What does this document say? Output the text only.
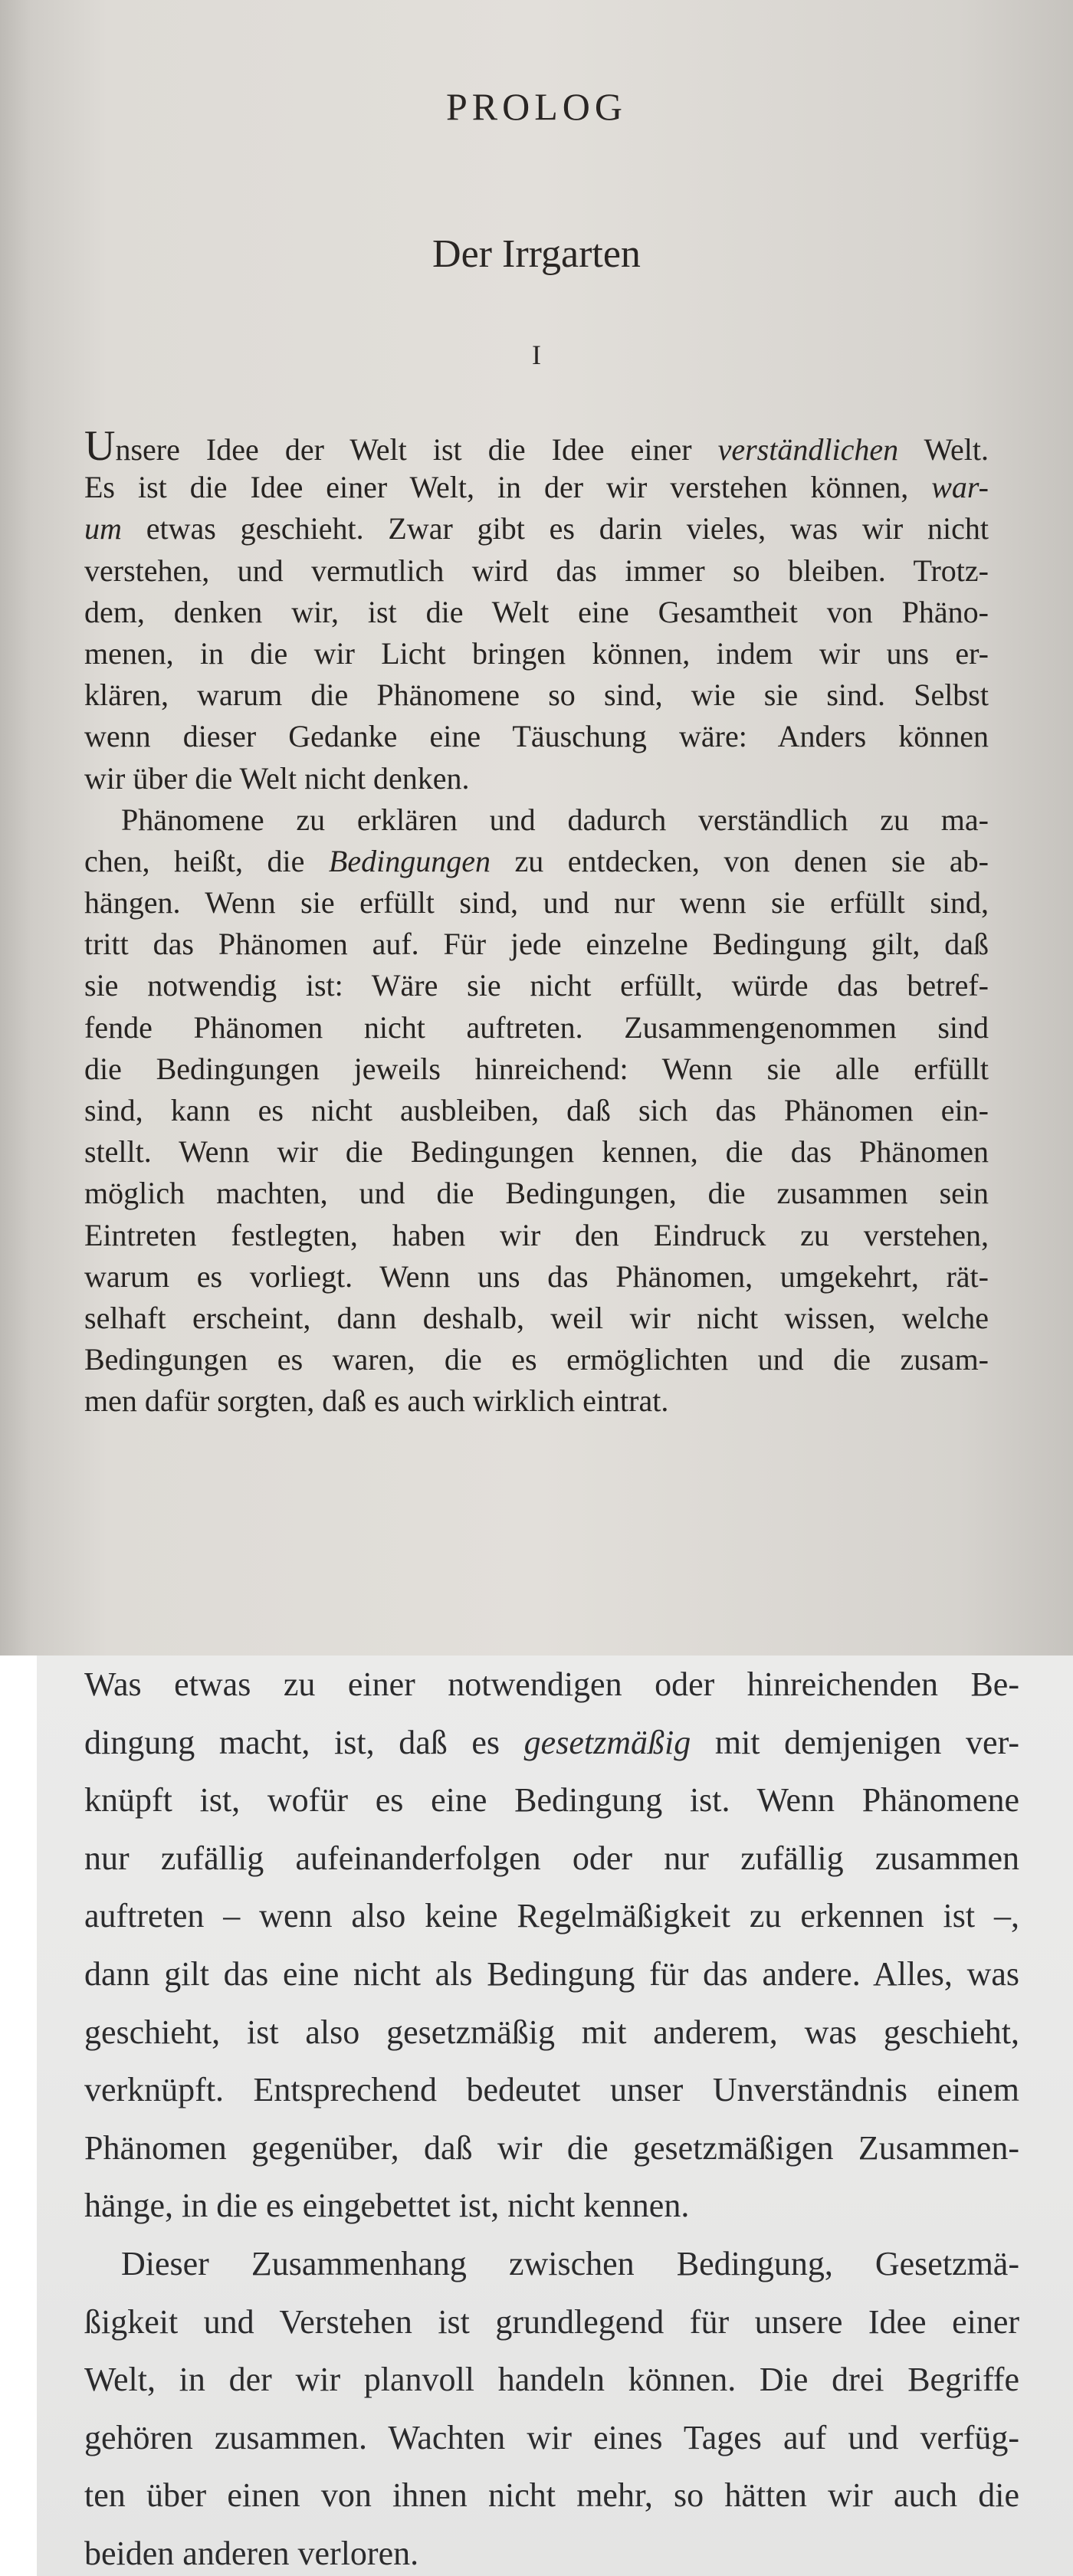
PROLOG
Der Irrgarten
I
Unsere Idee der Welt ist die Idee einer verständlichen Welt.
Es ist die Idee einer Welt, in der wir verstehen können, war-
um etwas geschieht. Zwar gibt es darin vieles, was wir nicht
verstehen, und vermutlich wird das immer so bleiben. Trotz-
dem, denken wir, ist die Welt eine Gesamtheit von Phäno-
menen, in die wir Licht bringen können, indem wir uns er-
klären, warum die Phänomene so sind, wie sie sind. Selbst
wenn dieser Gedanke eine Täuschung wäre: Anders können
wir über die Welt nicht denken.
Phänomene zu erklären und dadurch verständlich zu ma-
chen, heißt, die Bedingungen zu entdecken, von denen sie ab-
hängen. Wenn sie erfüllt sind, und nur wenn sie erfüllt sind,
tritt das Phänomen auf. Für jede einzelne Bedingung gilt, daß
sie notwendig ist: Wäre sie nicht erfüllt, würde das betref-
fende Phänomen nicht auftreten. Zusammengenommen sind
die Bedingungen jeweils hinreichend: Wenn sie alle erfüllt
sind, kann es nicht ausbleiben, daß sich das Phänomen ein-
stellt. Wenn wir die Bedingungen kennen, die das Phänomen
möglich machten, und die Bedingungen, die zusammen sein
Eintreten festlegten, haben wir den Eindruck zu verstehen,
warum es vorliegt. Wenn uns das Phänomen, umgekehrt, rät-
selhaft erscheint, dann deshalb, weil wir nicht wissen, welche
Bedingungen es waren, die es ermöglichten und die zusam-
men dafür sorgten, daß es auch wirklich eintrat.
Was etwas zu einer notwendigen oder hinreichenden Be-
dingung macht, ist, daß es gesetzmäßig mit demjenigen ver-
knüpft ist, wofür es eine Bedingung ist. Wenn Phänomene
nur zufällig aufeinanderfolgen oder nur zufällig zusammen
auftreten – wenn also keine Regelmäßigkeit zu erkennen ist –,
dann gilt das eine nicht als Bedingung für das andere. Alles, was
geschieht, ist also gesetzmäßig mit anderem, was geschieht,
verknüpft. Entsprechend bedeutet unser Unverständnis einem
Phänomen gegenüber, daß wir die gesetzmäßigen Zusammen-
hänge, in die es eingebettet ist, nicht kennen.
Dieser Zusammenhang zwischen Bedingung, Gesetzmä-
ßigkeit und Verstehen ist grundlegend für unsere Idee einer
Welt, in der wir planvoll handeln können. Die drei Begriffe
gehören zusammen. Wachten wir eines Tages auf und verfüg-
ten über einen von ihnen nicht mehr, so hätten wir auch die
beiden anderen verloren.
